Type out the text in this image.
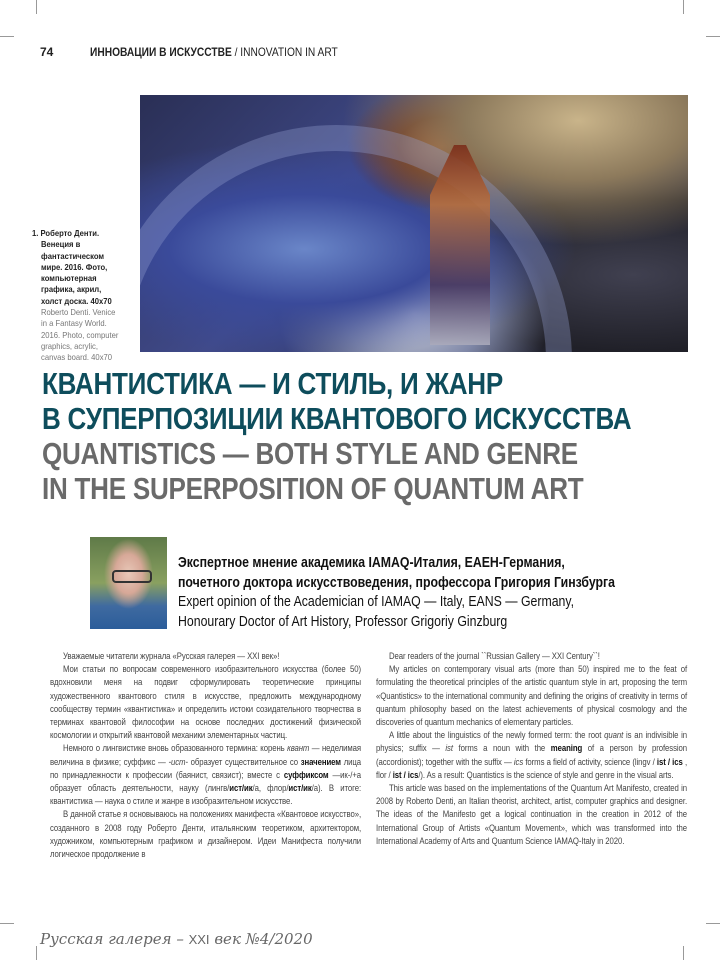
74	ИННОВАЦИИ В ИСКУССТВЕ / INNOVATION IN ART
1. Роберто Денти. Венеция в фантастическом мире. 2016. Фото, компьютерная графика, акрил, холст доска. 40x70
Roberto Denti. Venice in a Fantasy World. 2016. Photo, computer graphics, acrylic, canvas board. 40x70
КВАНТИСТИКА — И СТИЛЬ, И ЖАНР
В СУПЕРПОЗИЦИИ КВАНТОВОГО ИСКУССТВА
QUANTISTICS — BOTH STYLE AND GENRE
IN THE SUPERPOSITION OF QUANTUM ART
Экспертное мнение академика IAMAQ-Италия, ЕАЕН-Германия,
почетного доктора искусствоведения, профессора Григория Гинзбурга
Expert opinion of the Academician of IAMAQ — Italy, EANS — Germany,
Honourary Doctor of Art History, Professor Grigoriy Ginzburg

Уважаемые читатели журнала «Русская галерея — XXI век»!

Мои статьи по вопросам современного изобразительного искусства (более 50) вдохновили меня на подвиг сформулировать теоретические принципы художественного квантового стиля в искусстве, предложить международному сообществу термин «квантистика» и определить истоки созидательного творчества в терминах квантовой философии на основе последних достижений физической космологии и открытий квантовой механики элементарных частиц.

Немного о лингвистике вновь образованного термина: корень квант — неделимая величина в физике; суффикс — -ист- образует существительное со значением лица по принадлежности к профессии (баянист, связист); вместе с суффиксом —ик-/+а образует область деятельности, науку (лингв/ист/ик/а, флор/ист/ик/а). В итоге: квантистика — наука о стиле и жанре в изобразительном искусстве.

В данной статье я основываюсь на положениях манифеста «Квантовое искусство», созданного в 2008 году Роберто Денти, итальянским теоретиком, архитектором, художником, компьютерным графиком и дизайнером. Идеи Манифеста получили логическое продолжение в

Dear readers of the journal ``Russian Gallery — XXI Century``!

My articles on contemporary visual arts (more than 50) inspired me to the feat of formulating the theoretical principles of the artistic quantum style in art, proposing the term «Quantistics» to the international community and defining the origins of creativity in terms of quantum philosophy based on the latest achievements of physical cosmology and the discoveries of quantum mechanics of elementary particles.

A little about the linguistics of the newly formed term: the root quant is an indivisible in physics; suffix — ist forms a noun with the meaning of a person by profession (accordionist); together with the suffix — ics forms a field of activity, science (lingv / ist / ics , flor / ist / ics/). As a result: Quantistics is the science of style and genre in the visual arts.

This article was based on the implementations of the Quantum Art Manifesto, created in 2008 by Roberto Denti, an Italian theorist, architect, artist, computer graphics and designer. The ideas of the Manifesto get a logical continuation in the creation in 2012 of the International Group of Artists «Quantum Movement», which was transformed into the International Academy of Arts and Quantum Science IAMAQ-Italy in 2020.

Русская галерея – XXI век №4/2020
